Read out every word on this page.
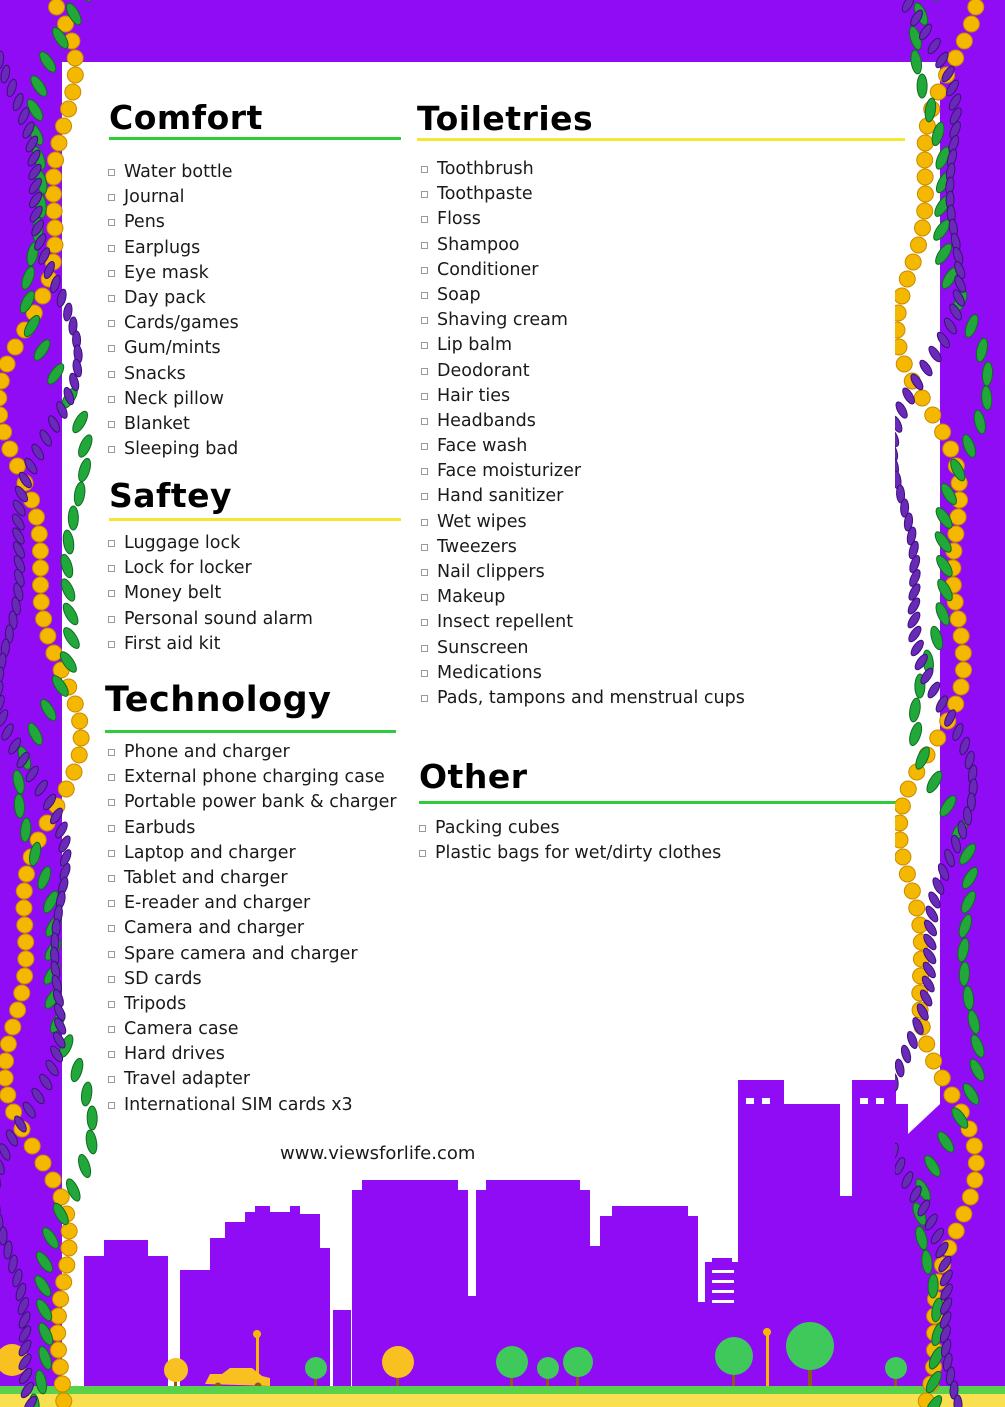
Comfort
Water bottle
Journal
Pens
Earplugs
Eye mask
Day pack
Cards/games
Gum/mints
Snacks
Neck pillow
Blanket
Sleeping bad
Saftey
Luggage lock
Lock for locker
Money belt
Personal sound alarm
First aid kit
Technology
Phone and charger
External phone charging case
Portable power bank & charger
Earbuds
Laptop and charger
Tablet and charger
E-reader and charger
Camera and charger
Spare camera and charger
SD cards
Tripods
Camera case
Hard drives
Travel adapter
International SIM cards x3
Toiletries
Toothbrush
Toothpaste
Floss
Shampoo
Conditioner
Soap
Shaving cream
Lip balm
Deodorant
Hair ties
Headbands
Face wash
Face moisturizer
Hand sanitizer
Wet wipes
Tweezers
Nail clippers
Makeup
Insect repellent
Sunscreen
Medications
Pads, tampons and menstrual cups
Other
Packing cubes
Plastic bags for wet/dirty clothes
www.viewsforlife.com
